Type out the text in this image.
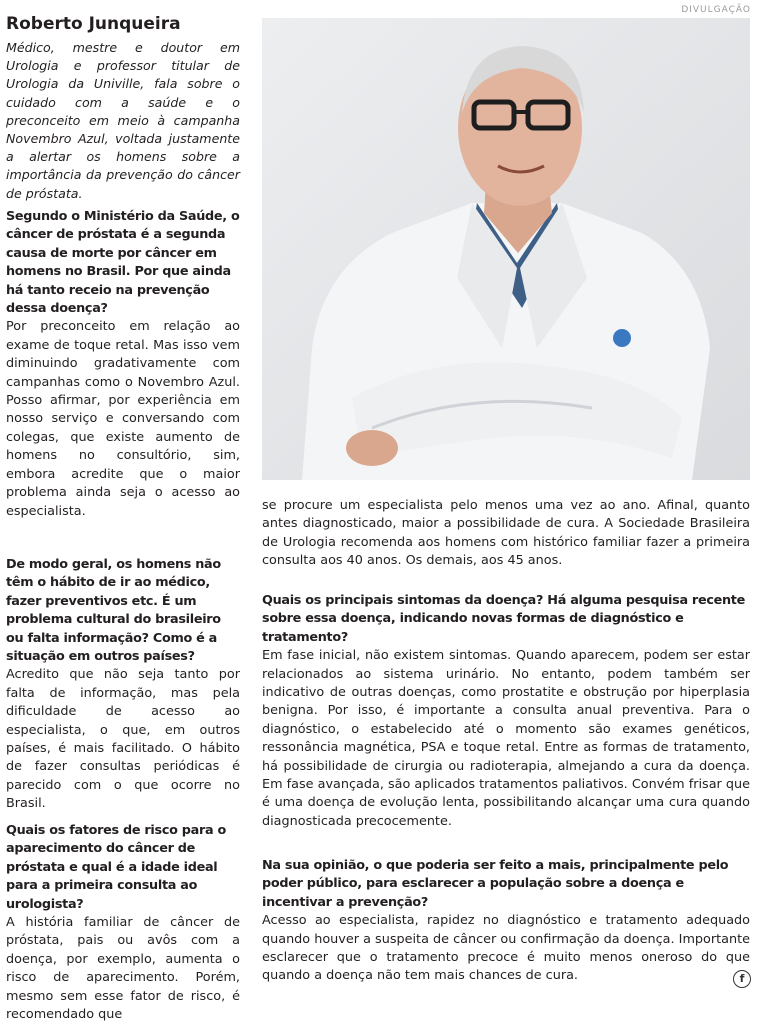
DIVULGAÇÃO
Roberto Junqueira

Médico, mestre e doutor em Urologia e professor titular de Urologia da Univille, fala sobre o cuidado com a saúde e o preconceito em meio à campanha Novembro Azul, voltada justamente a alertar os homens sobre a importância da prevenção do câncer de próstata.

Segundo o Ministério da Saúde, o câncer de próstata é a segunda causa de morte por câncer em homens no Brasil. Por que ainda há tanto receio na prevenção dessa doença?
Por preconceito em relação ao exame de toque retal. Mas isso vem diminuindo gradativamente com campanhas como o Novembro Azul. Posso afirmar, por experiência em nosso serviço e conversando com colegas, que existe aumento de homens no consultório, sim, embora acredite que o maior problema ainda seja o acesso ao especialista.
De modo geral, os homens não têm o hábito de ir ao médico, fazer preventivos etc. É um problema cultural do brasileiro ou falta informação? Como é a situação em outros países?
Acredito que não seja tanto por falta de informação, mas pela dificuldade de acesso ao especialista, o que, em outros países, é mais facilitado. O hábito de fazer consultas periódicas é parecido com o que ocorre no Brasil.
Quais os fatores de risco para o aparecimento do câncer de próstata e qual é a idade ideal para a primeira consulta ao urologista?
A história familiar de câncer de próstata, pais ou avôs com a doença, por exemplo, aumenta o risco de aparecimento. Porém, mesmo sem esse fator de risco, é recomendado que
se procure um especialista pelo menos uma vez ao ano. Afinal, quanto antes diagnosticado, maior a possibilidade de cura. A Sociedade Brasileira de Urologia recomenda aos homens com histórico familiar fazer a primeira consulta aos 40 anos. Os demais, aos 45 anos.
Quais os principais sintomas da doença? Há alguma pesquisa recente sobre essa doença, indicando novas formas de diagnóstico e tratamento?
Em fase inicial, não existem sintomas. Quando aparecem, podem ser estar relacionados ao sistema urinário. No entanto, podem também ser indicativo de outras doenças, como prostatite e obstrução por hiperplasia benigna. Por isso, é importante a consulta anual preventiva. Para o diagnóstico, o estabelecido até o momento são exames genéticos, ressonância magnética, PSA e toque retal. Entre as formas de tratamento, há possibilidade de cirurgia ou radioterapia, almejando a cura da doença. Em fase avançada, são aplicados tratamentos paliativos. Convém frisar que é uma doença de evolução lenta, possibilitando alcançar uma cura quando diagnosticada precocemente.
Na sua opinião, o que poderia ser feito a mais, principalmente pelo poder público, para esclarecer a população sobre a doença e incentivar a prevenção?
Acesso ao especialista, rapidez no diagnóstico e tratamento adequado quando houver a suspeita de câncer ou confirmação da doença. Importante esclarecer que o tratamento precoce é muito menos oneroso do que quando a doença não tem mais chances de cura.	f
